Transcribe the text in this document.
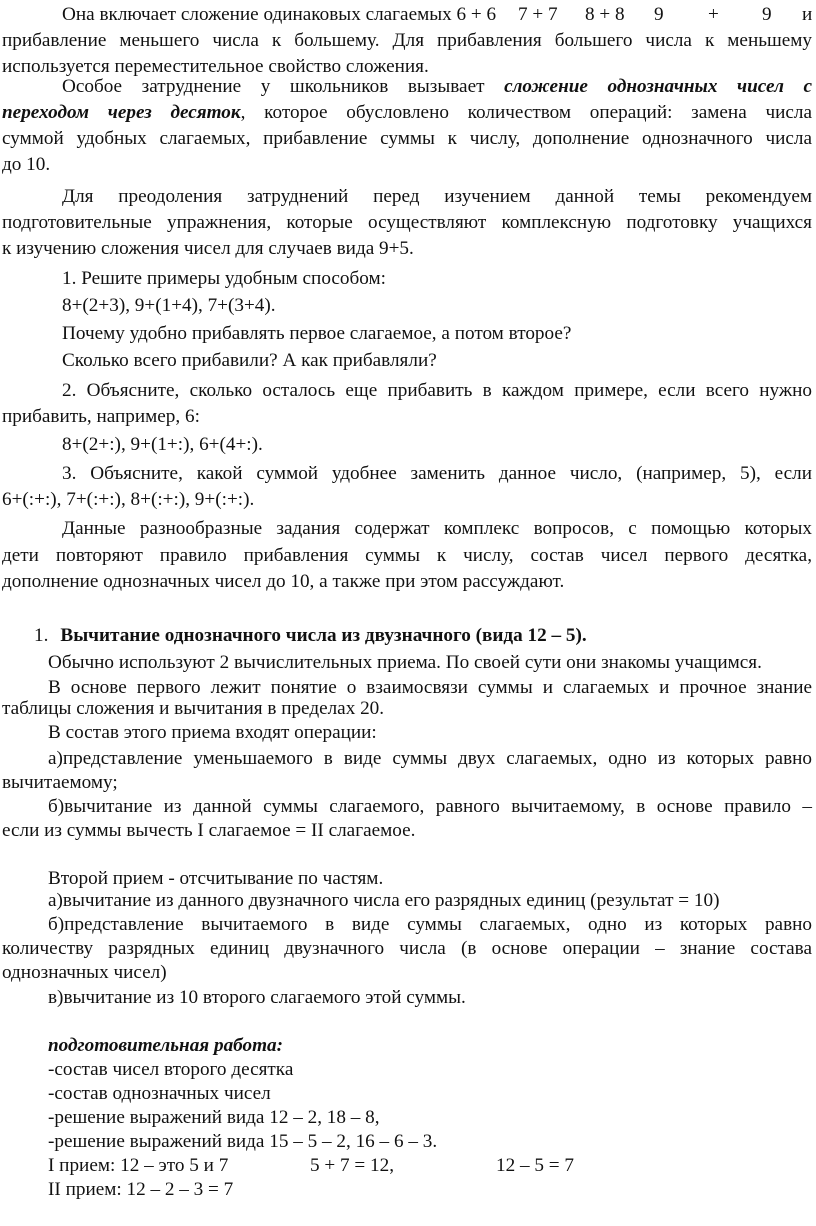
Она включает сложение одинаковых слагаемых 6 + 6 7 + 7 8 + 8 9 + 9 и
прибавление меньшего числа к большему. Для прибавления большего числа к меньшему
используется переместительное свойство сложения.
Особое затруднение у школьников вызывает сложение однозначных чисел с
переходом через десяток, которое обусловлено количеством операций: замена числа
суммой удобных слагаемых, прибавление суммы к числу, дополнение однозначного числа
до 10.
Для преодоления затруднений перед изучением данной темы рекомендуем
подготовительные упражнения, которые осуществляют комплексную подготовку учащихся
к изучению сложения чисел для случаев вида 9+5.
1. Решите примеры удобным способом:
8+(2+3), 9+(1+4), 7+(3+4).
Почему удобно прибавлять первое слагаемое, а потом второе?
Сколько всего прибавили? А как прибавляли?
2. Объясните, сколько осталось еще прибавить в каждом примере, если всего нужно
прибавить, например, 6:
8+(2+:), 9+(1+:), 6+(4+:).
3. Объясните, какой суммой удобнее заменить данное число, (например, 5), если
6+(:+:), 7+(:+:), 8+(:+:), 9+(:+:).
Данные разнообразные задания содержат комплекс вопросов, с помощью которых
дети повторяют правило прибавления суммы к числу, состав чисел первого десятка,
дополнение однозначных чисел до 10, а также при этом рассуждают.
1. Вычитание однозначного числа из двузначного (вида 12 – 5).
Обычно используют 2 вычислительных приема. По своей сути они знакомы учащимся.
В основе первого лежит понятие о взаимосвязи суммы и слагаемых и прочное знание
таблицы сложения и вычитания в пределах 20.
В состав этого приема входят операции:
а)представление уменьшаемого в виде суммы двух слагаемых, одно из которых равно
вычитаемому;
б)вычитание из данной суммы слагаемого, равного вычитаемому, в основе правило –
если из суммы вычесть I слагаемое = II слагаемое.
Второй прием - отсчитывание по частям.
а)вычитание из данного двузначного числа его разрядных единиц (результат = 10)
б)представление вычитаемого в виде суммы слагаемых, одно из которых равно
количеству разрядных единиц двузначного числа (в основе операции – знание состава
однозначных чисел)
в)вычитание из 10 второго слагаемого этой суммы.
подготовительная работа:
-состав чисел второго десятка
-состав однозначных чисел
-решение выражений вида 12 – 2, 18 – 8,
-решение выражений вида 15 – 5 – 2, 16 – 6 – 3.
I прием: 12 – это 5 и 7	5 + 7 = 12,	12 – 5 = 7
II прием: 12 – 2 – 3 = 7
